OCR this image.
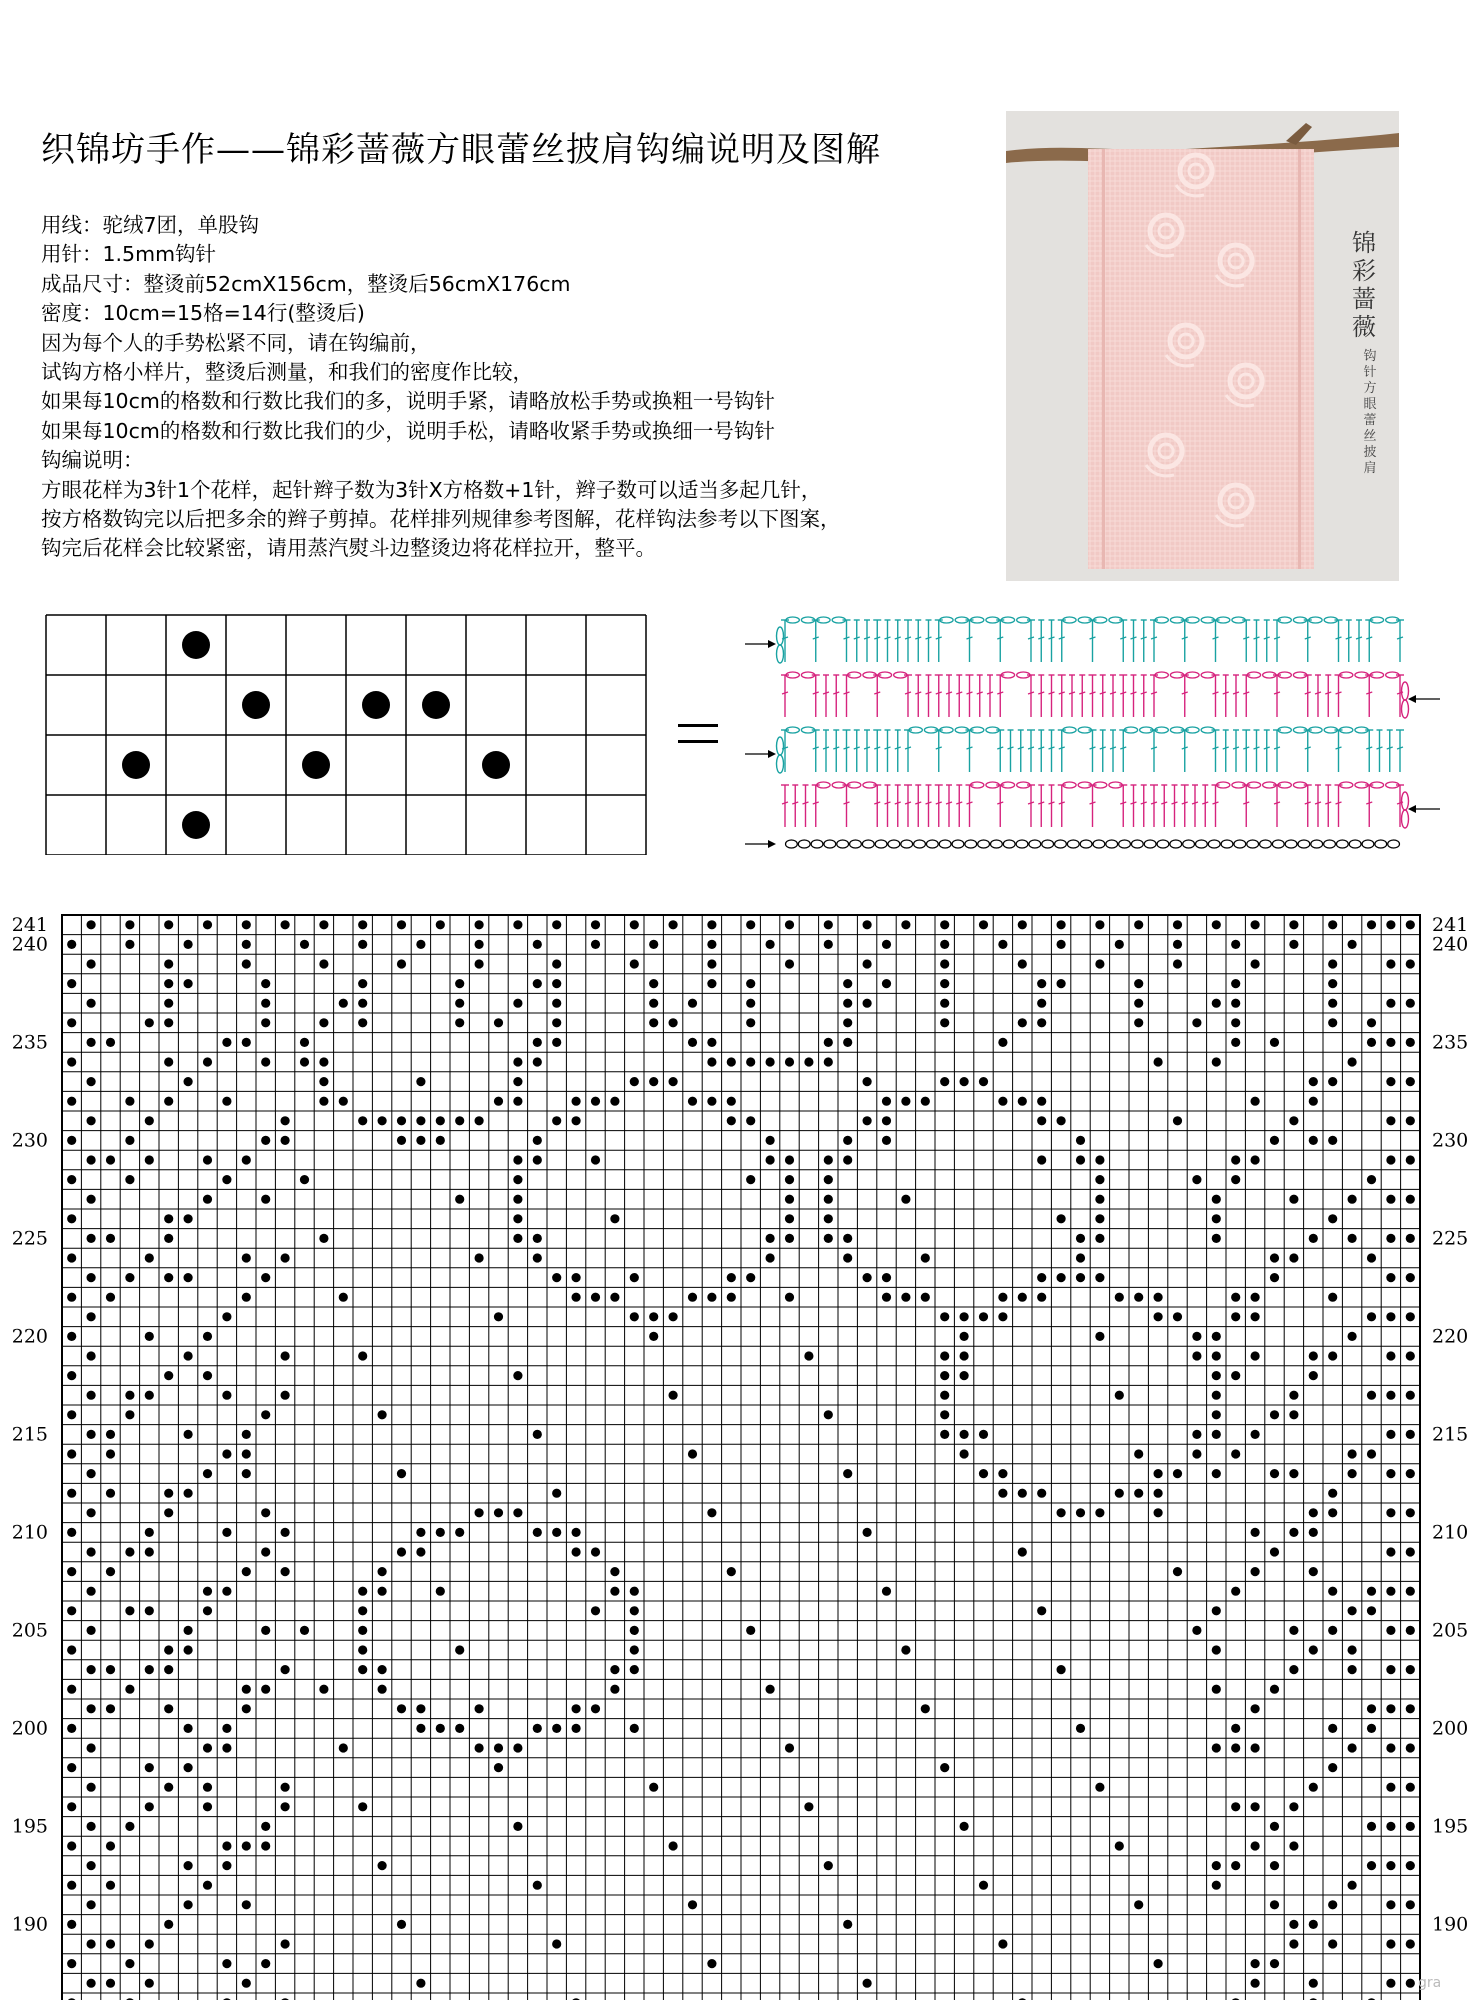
织锦坊手作——锦彩蔷薇方眼蕾丝披肩钩编说明及图解
用线：驼绒7团，单股钩
用针：1.5mm钩针
成品尺寸：整烫前52cmX156cm，整烫后56cmX176cm
密度：10cm=15格=14行(整烫后)
因为每个人的手势松紧不同，请在钩编前，
试钩方格小样片，整烫后测量，和我们的密度作比较，
如果每10cm的格数和行数比我们的多，说明手紧，请略放松手势或换粗一号钩针
如果每10cm的格数和行数比我们的少，说明手松，请略收紧手势或换细一号钩针
钩编说明：
方眼花样为3针1个花样，起针辫子数为3针X方格数+1针，辫子数可以适当多起几针，
按方格数钩完以后把多余的辫子剪掉。花样排列规律参考图解，花样钩法参考以下图案，
钩完后花样会比较紧密，请用蒸汽熨斗边整烫边将花样拉开，整平。
锦彩蔷薇
钩针方眼蕾丝披肩
241	241
240	240
235	235
230	230
225	225
220	220
215	215
210	210
205	205
200	200
195	195
190	190
gra
